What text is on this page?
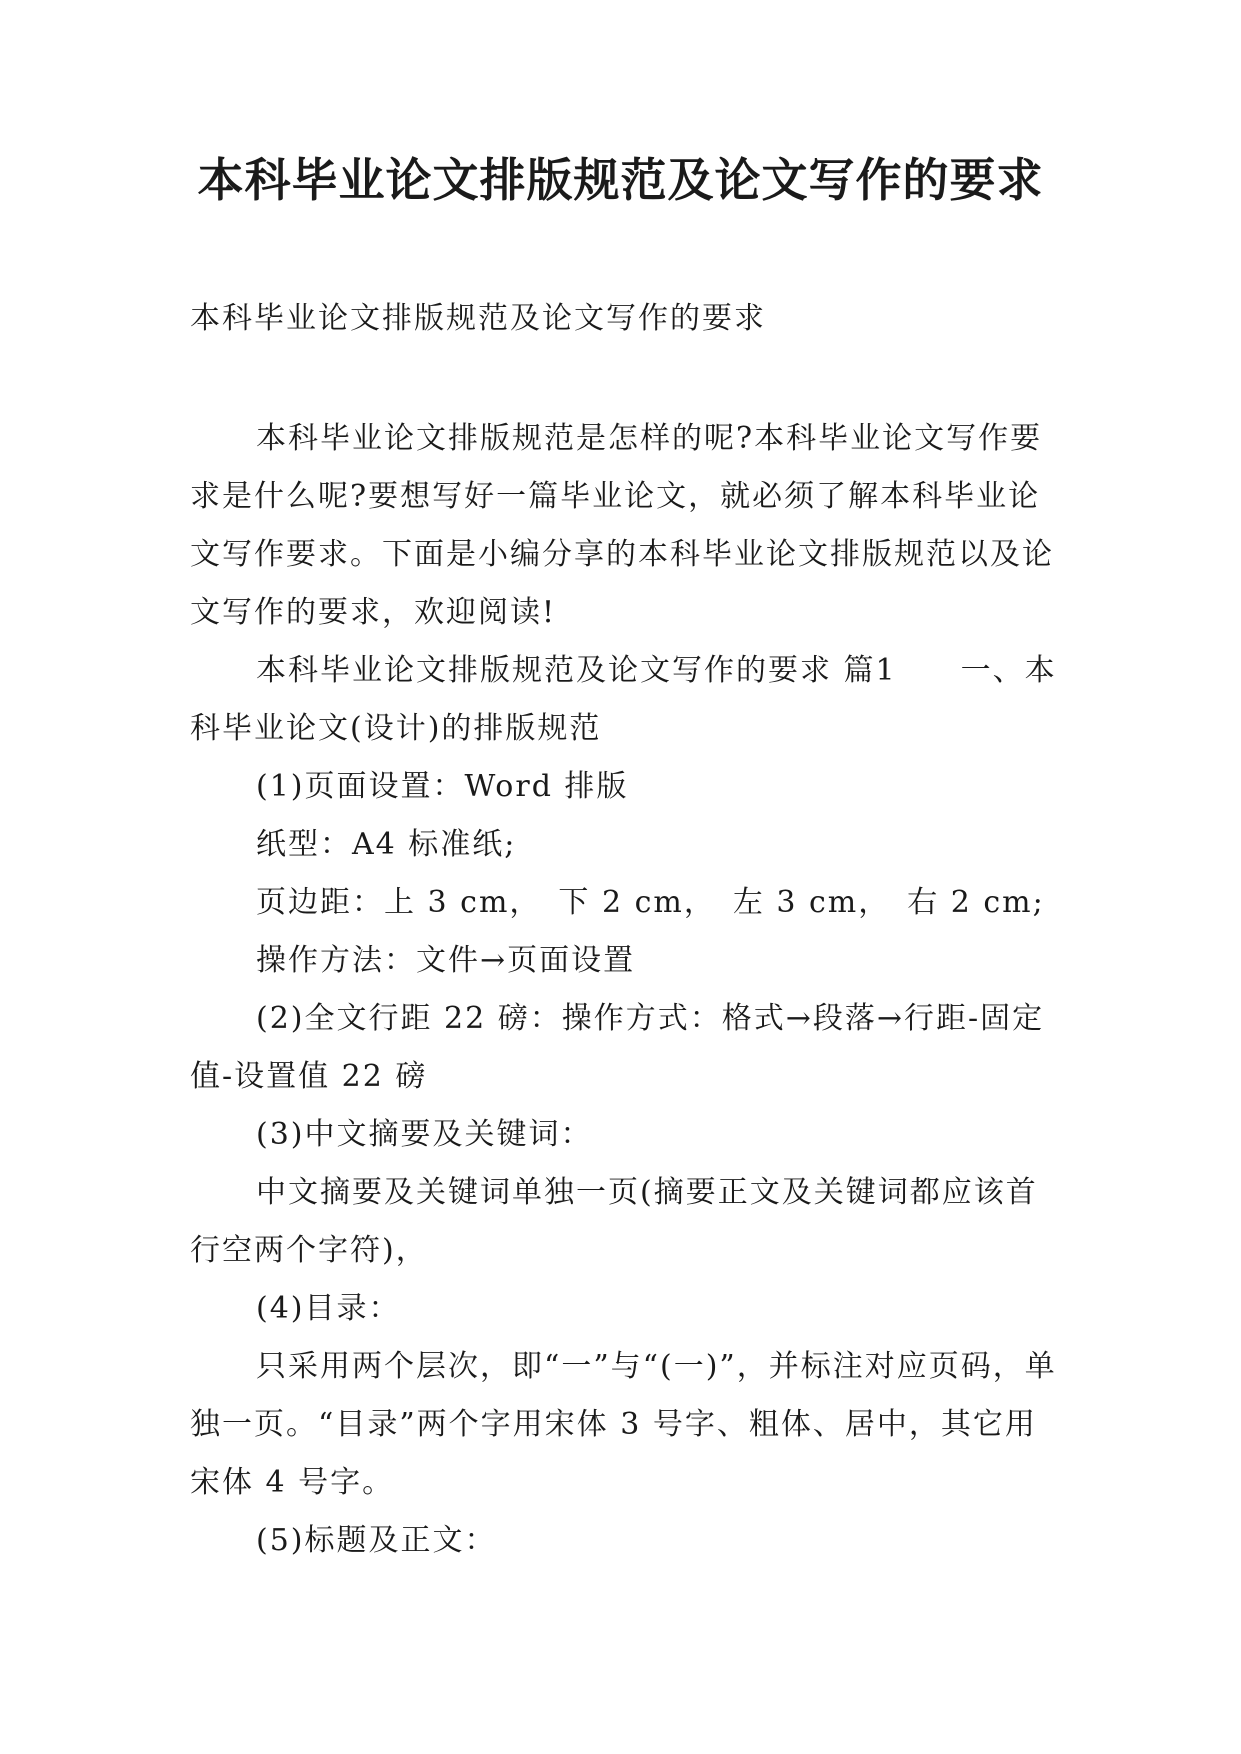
本科毕业论文排版规范及论文写作的要求

本科毕业论文排版规范及论文写作的要求

本科毕业论文排版规范是怎样的呢?本科毕业论文写作要求是什么呢?要想写好一篇毕业论文，就必须了解本科毕业论文写作要求。下面是小编分享的本科毕业论文排版规范以及论文写作的要求，欢迎阅读!

本科毕业论文排版规范及论文写作的要求 篇1　　一、本科毕业论文(设计)的排版规范

(1)页面设置：Word 排版

纸型：A4 标准纸;

页边距：上 3 cm，　下 2 cm，　左 3 cm，　右 2 cm;

操作方法：文件→页面设置

(2)全文行距 22 磅：操作方式：格式→段落→行距-固定值-设置值 22 磅

(3)中文摘要及关键词：

中文摘要及关键词单独一页(摘要正文及关键词都应该首行空两个字符)，

(4)目录：

只采用两个层次，即“一”与“(一)”，并标注对应页码，单独一页。“目录”两个字用宋体 3 号字、粗体、居中，其它用宋体 4 号字。

(5)标题及正文：
